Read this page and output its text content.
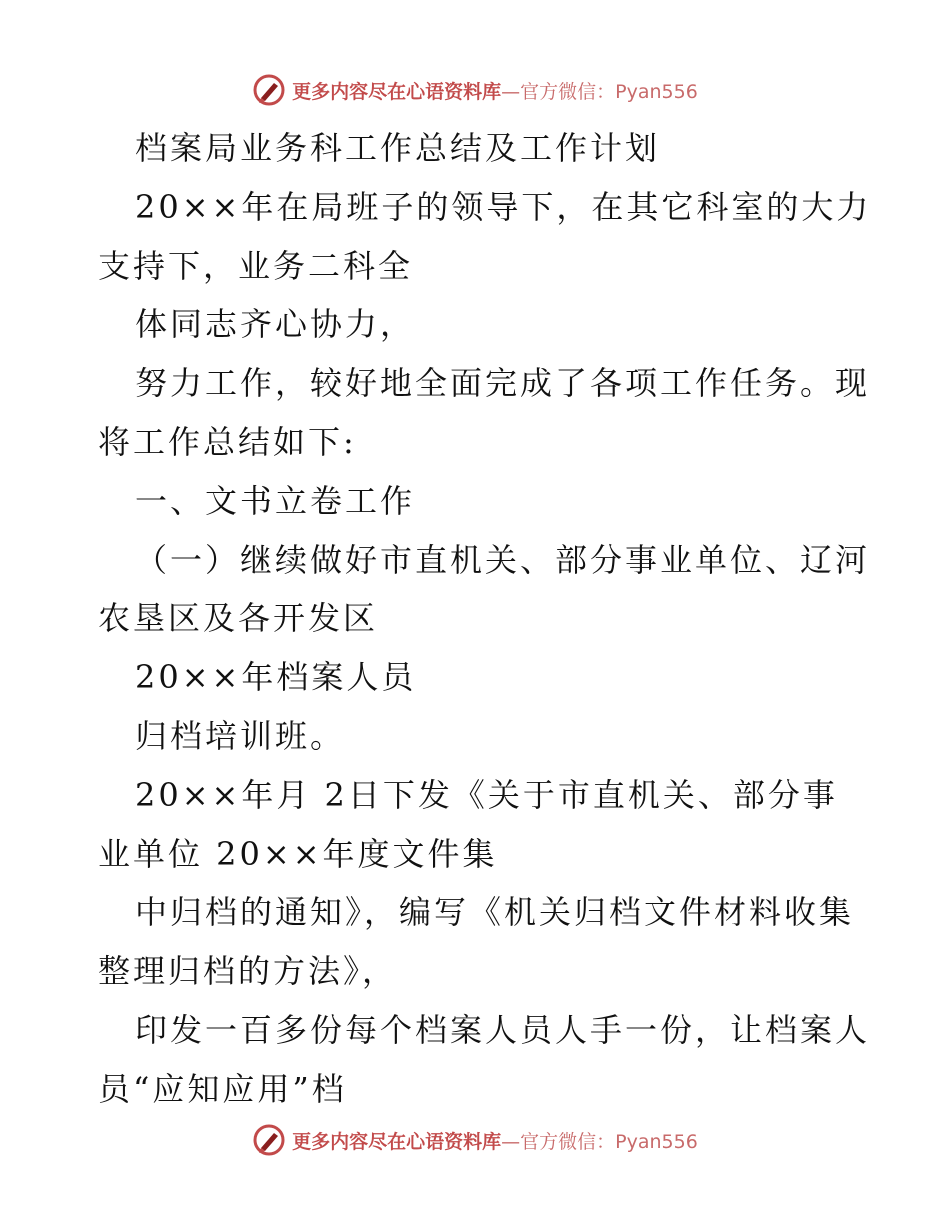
更多内容尽在心语资料库—官方微信：Pyan556
档案局业务科工作总结及工作计划
20××年在局班子的领导下，在其它科室的大力
支持下，业务二科全
体同志齐心协力，
努力工作，较好地全面完成了各项工作任务。现
将工作总结如下:
一、文书立卷工作
（一）继续做好市直机关、部分事业单位、辽河
农垦区及各开发区
20××年档案人员
归档培训班。
20××年月 2日下发《关于市直机关、部分事
业单位 20××年度文件集
中归档的通知》，编写《机关归档文件材料收集
整理归档的方法》，
印发一百多份每个档案人员人手一份，让档案人
员“应知应用”档
更多内容尽在心语资料库—官方微信：Pyan556
